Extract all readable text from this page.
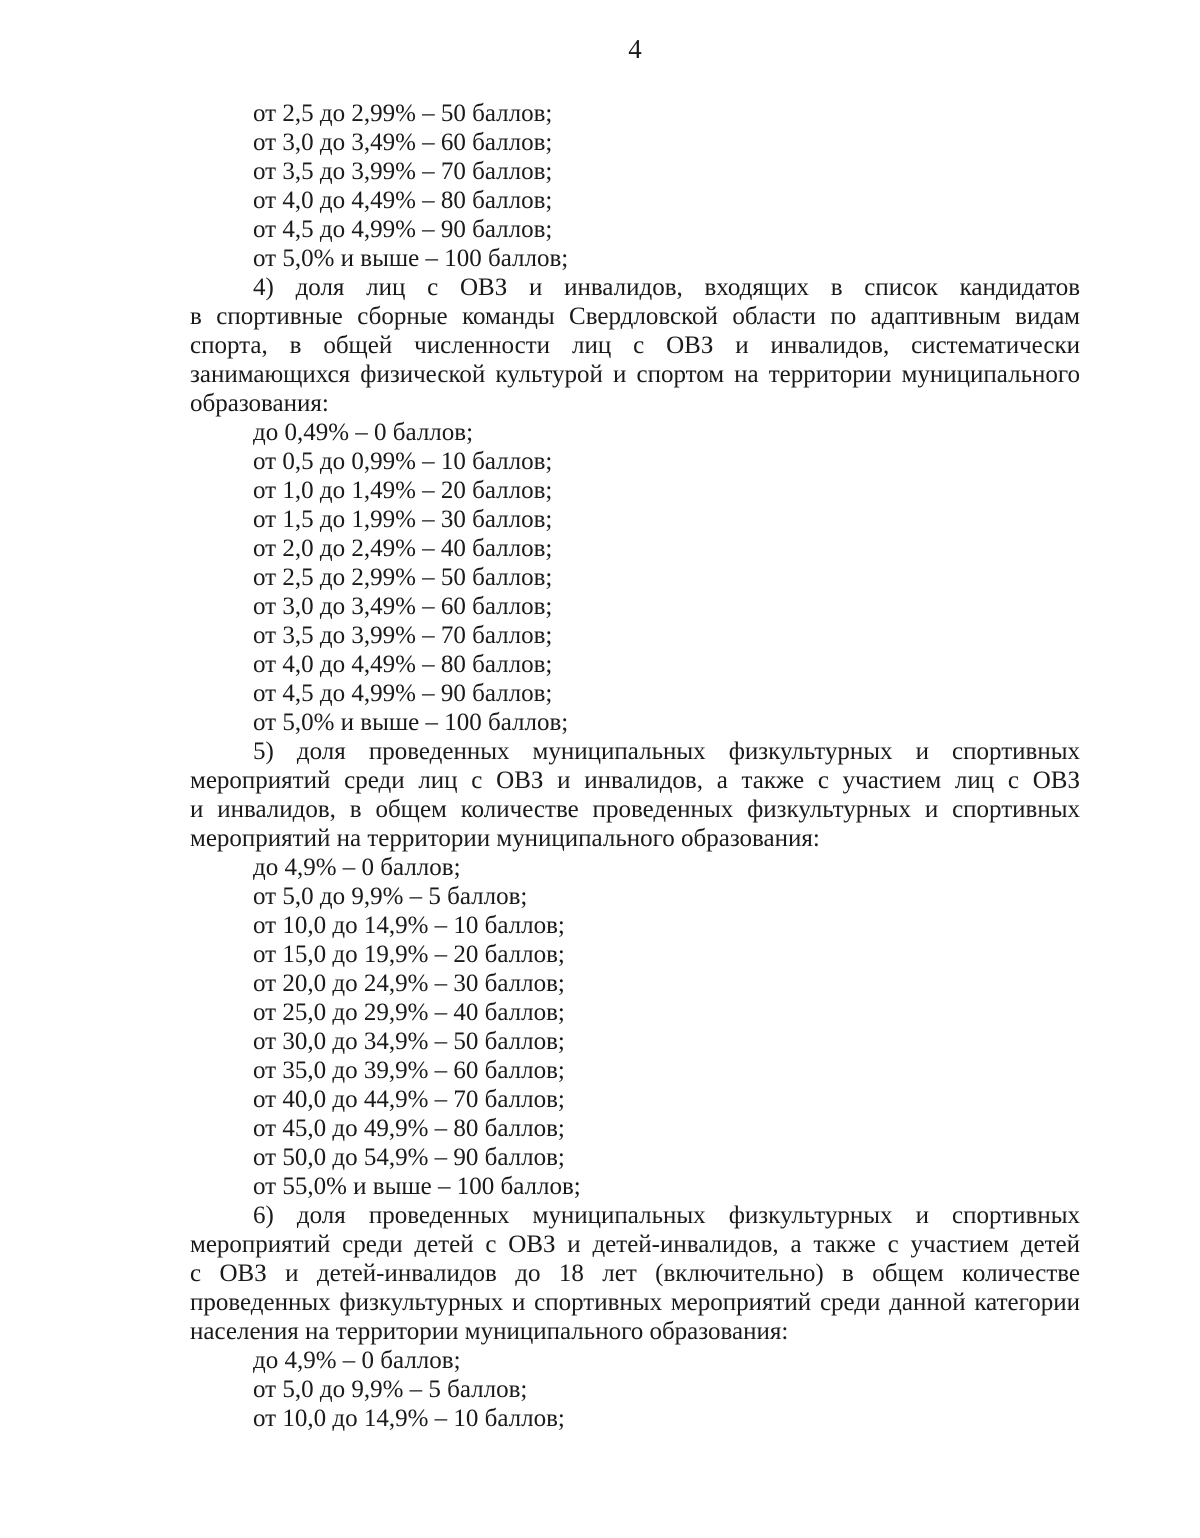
4
от 2,5 до 2,99% – 50 баллов;
от 3,0 до 3,49% – 60 баллов;
от 3,5 до 3,99% – 70 баллов;
от 4,0 до 4,49% – 80 баллов;
от 4,5 до 4,99% – 90 баллов;
от 5,0% и выше – 100 баллов;
4) доля лиц с ОВЗ и инвалидов, входящих в список кандидатов
в спортивные сборные команды Свердловской области по адаптивным видам
спорта, в общей численности лиц с ОВЗ и инвалидов, систематически
занимающихся физической культурой и спортом на территории муниципального
образования:
до 0,49% – 0 баллов;
от 0,5 до 0,99% – 10 баллов;
от 1,0 до 1,49% – 20 баллов;
от 1,5 до 1,99% – 30 баллов;
от 2,0 до 2,49% – 40 баллов;
от 2,5 до 2,99% – 50 баллов;
от 3,0 до 3,49% – 60 баллов;
от 3,5 до 3,99% – 70 баллов;
от 4,0 до 4,49% – 80 баллов;
от 4,5 до 4,99% – 90 баллов;
от 5,0% и выше – 100 баллов;
5) доля проведенных муниципальных физкультурных и спортивных
мероприятий среди лиц с ОВЗ и инвалидов, а также с участием лиц с ОВЗ
и инвалидов, в общем количестве проведенных физкультурных и спортивных
мероприятий на территории муниципального образования:
до 4,9% – 0 баллов;
от 5,0 до 9,9% – 5 баллов;
от 10,0 до 14,9% – 10 баллов;
от 15,0 до 19,9% – 20 баллов;
от 20,0 до 24,9% – 30 баллов;
от 25,0 до 29,9% – 40 баллов;
от 30,0 до 34,9% – 50 баллов;
от 35,0 до 39,9% – 60 баллов;
от 40,0 до 44,9% – 70 баллов;
от 45,0 до 49,9% – 80 баллов;
от 50,0 до 54,9% – 90 баллов;
от 55,0% и выше – 100 баллов;
6) доля проведенных муниципальных физкультурных и спортивных
мероприятий среди детей с ОВЗ и детей-инвалидов, а также с участием детей
с ОВЗ и детей-инвалидов до 18 лет (включительно) в общем количестве
проведенных физкультурных и спортивных мероприятий среди данной категории
населения на территории муниципального образования:
до 4,9% – 0 баллов;
от 5,0 до 9,9% – 5 баллов;
от 10,0 до 14,9% – 10 баллов;
